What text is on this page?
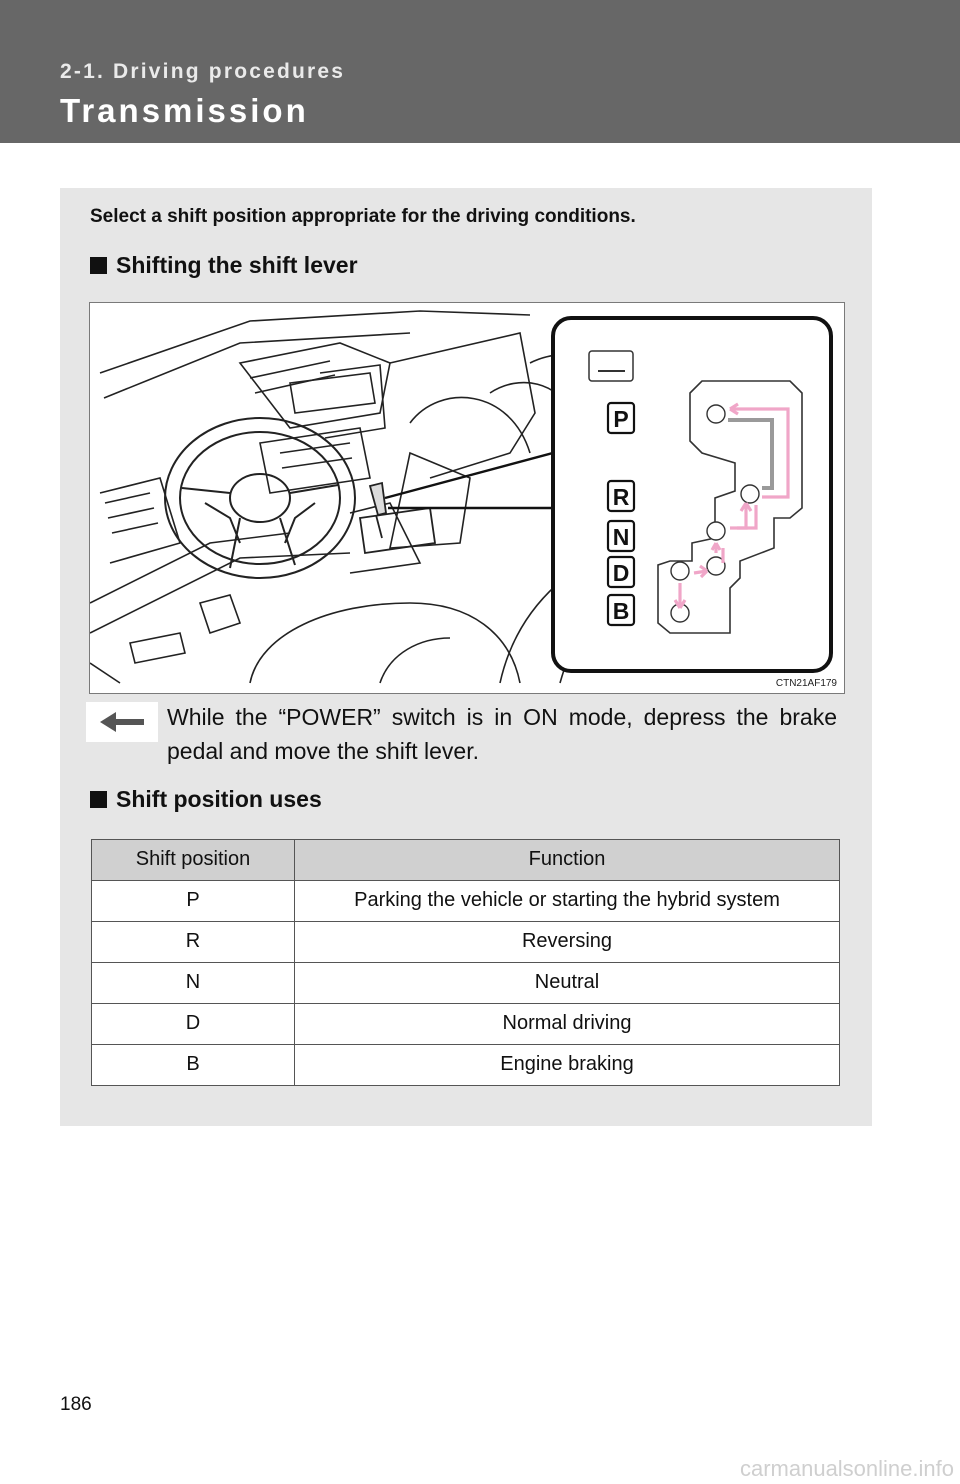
2-1. Driving procedures
Transmission
Select a shift position appropriate for the driving conditions.
Shifting the shift lever
P
R
N
D
B
CTN21AF179
While the “POWER” switch is in ON mode, depress the brake pedal and move the shift lever.
Shift position uses
Shift position	Function
P	Parking the vehicle or starting the hybrid system
R	Reversing
N	Neutral
D	Normal driving
B	Engine braking
186
carmanualsonline.info
